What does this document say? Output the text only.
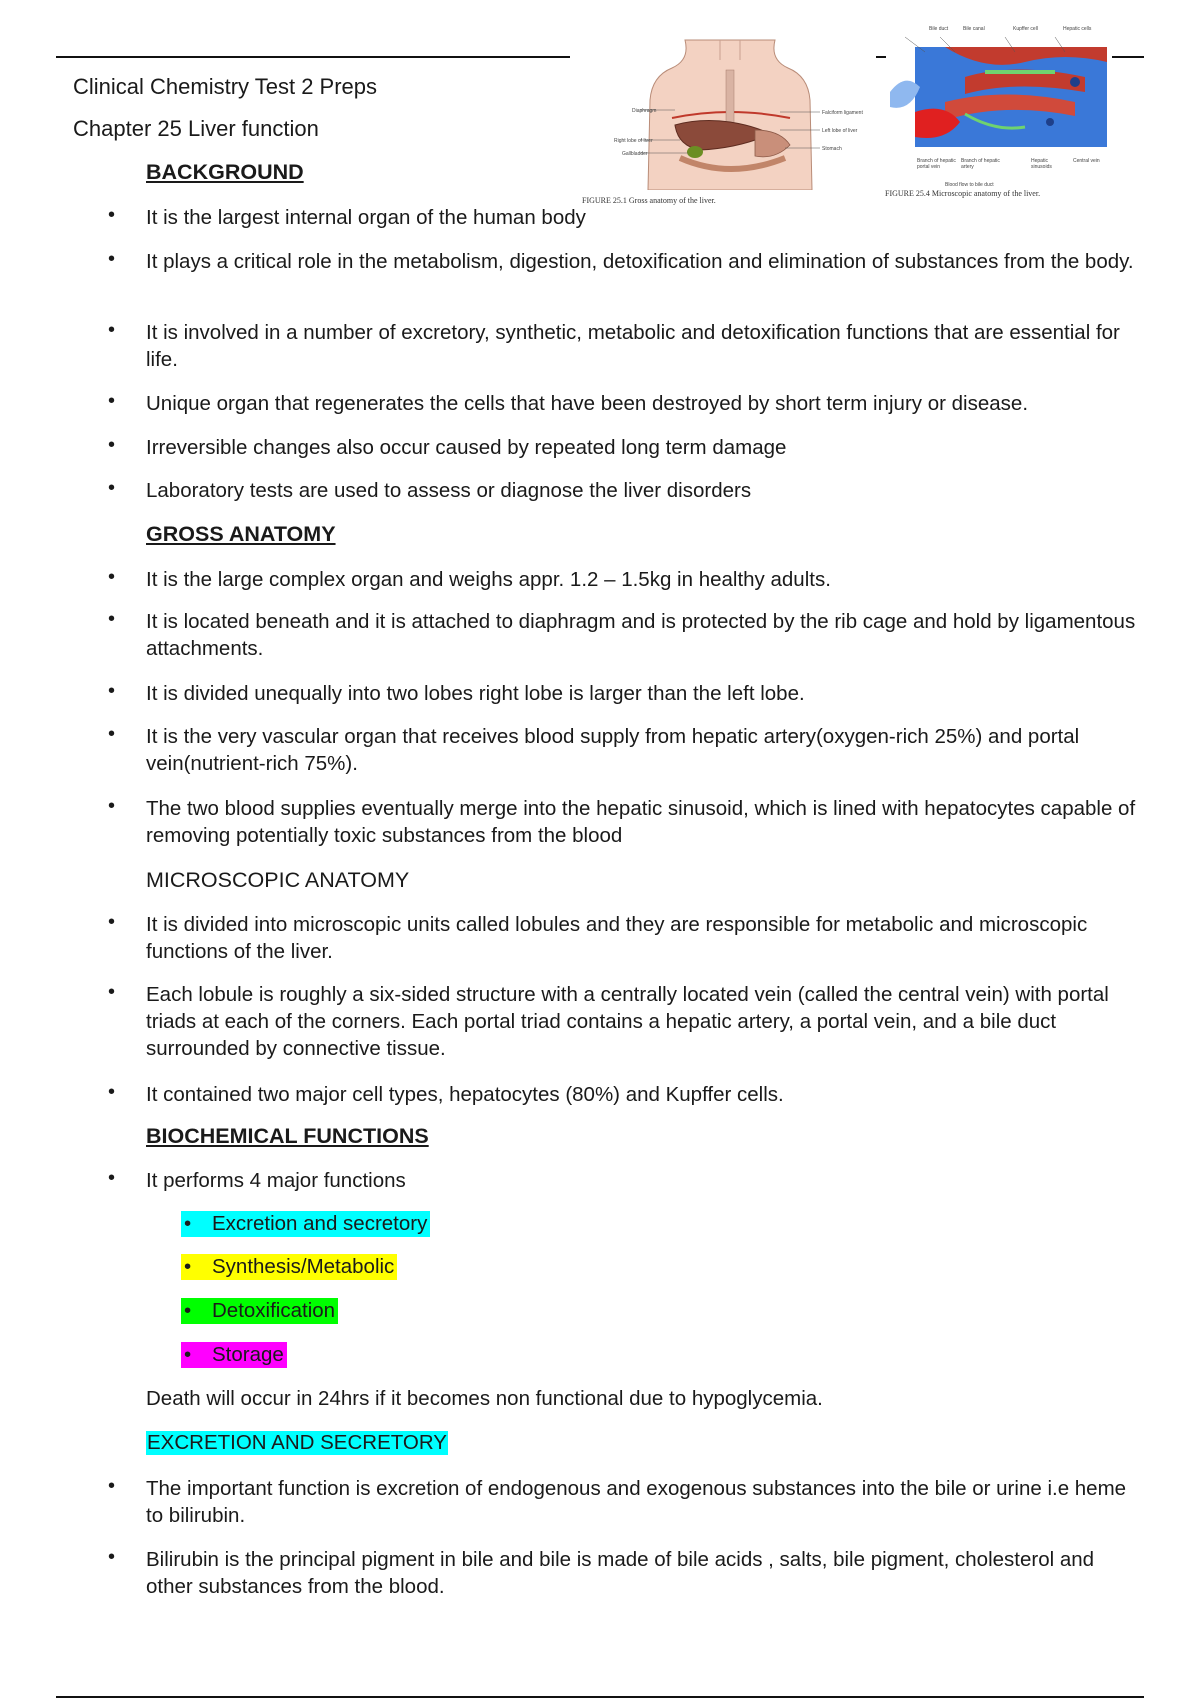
Clinical Chemistry Test 2 Preps
Chapter 25 Liver function
Diaphragm
Right lobe of liver
Gallbladder
Falciform ligament
Left lobe of liver
Stomach
FIGURE 25.1 Gross anatomy of the liver.
Bile duct	Bile canal	Kupffer cell	Hepatic cells
Branch of hepatic portal vein
Branch of hepatic artery
Hepatic sinusoids
Central vein
Blood flow to bile duct
FIGURE 25.4 Microscopic anatomy of the liver.
BACKGROUND
• It is the largest internal organ of the human body
• It plays a critical role in the metabolism, digestion, detoxification and elimination of substances from the body.
• It is involved in a number of excretory, synthetic, metabolic and detoxification functions that are essential for life.
• Unique organ that regenerates the cells that have been destroyed by short term injury or disease.
• Irreversible changes also occur caused by repeated long term damage
• Laboratory tests are used to assess or diagnose the liver disorders
GROSS ANATOMY
• It is the large complex organ and weighs appr. 1.2 – 1.5kg in healthy adults.
• It is located beneath and it is attached to diaphragm and is protected by the rib cage and hold by ligamentous attachments.
• It is divided unequally into two lobes right lobe is larger than the left lobe.
• It is the very vascular organ that receives blood supply from hepatic artery(oxygen-rich 25%) and portal vein(nutrient-rich 75%).
• The two blood supplies eventually merge into the hepatic sinusoid, which is lined with hepatocytes capable of removing potentially toxic substances from the blood
MICROSCOPIC ANATOMY
• It is divided into microscopic units called lobules and they are responsible for metabolic and microscopic functions of the liver.
• Each lobule is roughly a six-sided structure with a centrally located vein (called the central vein) with portal triads at each of the corners. Each portal triad contains a hepatic artery, a portal vein, and a bile duct surrounded by connective tissue.
• It contained two major cell types, hepatocytes (80%) and Kupffer cells.
BIOCHEMICAL FUNCTIONS
• It performs 4 major functions
• Excretion and secretory
• Synthesis/Metabolic
• Detoxification
• Storage
Death will occur in 24hrs if it becomes non functional due to hypoglycemia.
EXCRETION AND SECRETORY
• The important function is excretion of endogenous and exogenous substances into the bile or urine i.e heme to bilirubin.
• Bilirubin is the principal pigment in bile and bile is made of bile acids , salts, bile pigment, cholesterol and other substances from the blood.
